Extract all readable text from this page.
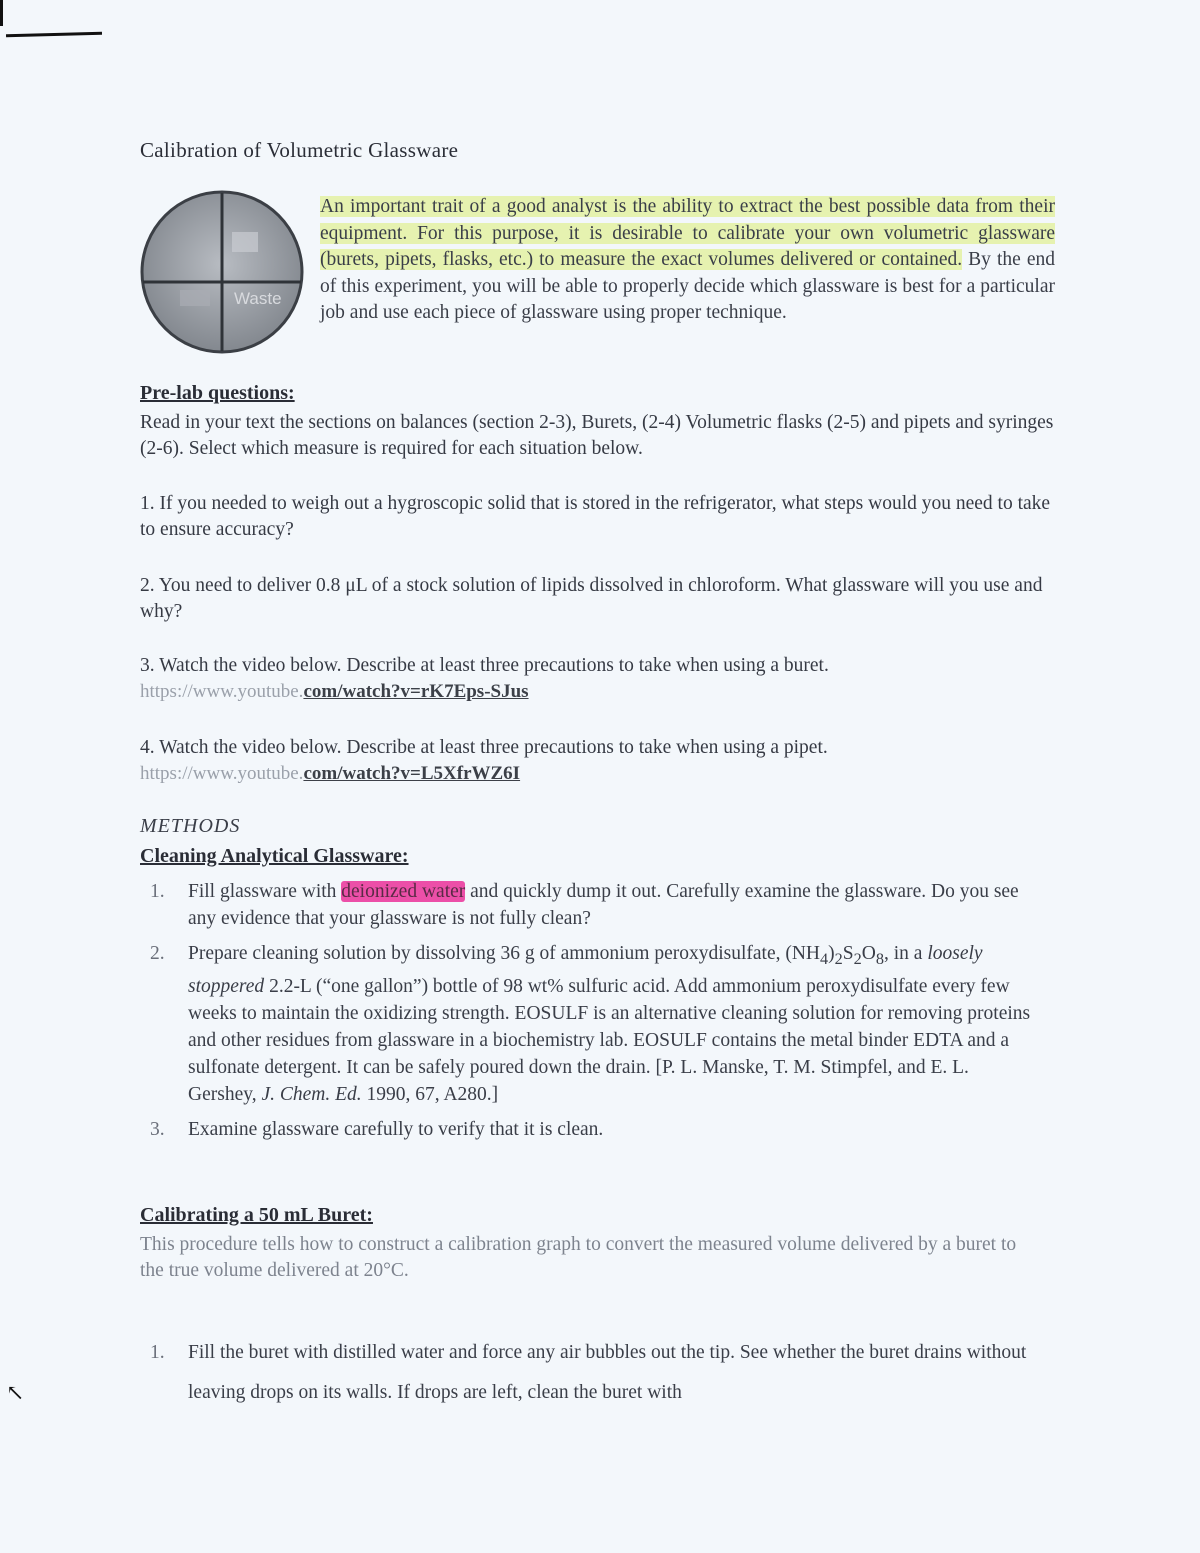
↖
Calibration of Volumetric Glassware
Waste
An important trait of a good analyst is the ability to extract the best possible data from their equipment. For this purpose, it is desirable to calibrate your own volumetric glassware (burets, pipets, flasks, etc.) to measure the exact volumes delivered or contained. By the end of this experiment, you will be able to properly decide which glassware is best for a particular job and use each piece of glassware using proper technique.
Pre-lab questions:
Read in your text the sections on balances (section 2-3), Burets, (2-4) Volumetric flasks (2-5) and pipets and syringes (2-6). Select which measure is required for each situation below.
1. If you needed to weigh out a hygroscopic solid that is stored in the refrigerator, what steps would you need to take to ensure accuracy?
2. You need to deliver 0.8 μL of a stock solution of lipids dissolved in chloroform. What glassware will you use and why?
3. Watch the video below. Describe at least three precautions to take when using a buret.
https://www.youtube.com/watch?v=rK7Eps-SJus
4. Watch the video below. Describe at least three precautions to take when using a pipet.
https://www.youtube.com/watch?v=L5XfrWZ6I
METHODS
Cleaning Analytical Glassware:
1.	Fill glassware with deionized water and quickly dump it out. Carefully examine the glassware. Do you see any evidence that your glassware is not fully clean?
2.	Prepare cleaning solution by dissolving 36 g of ammonium peroxydisulfate, $(NH_4)_2S_2O_8$, in a loosely stoppered 2.2-L (“one gallon”) bottle of 98 wt% sulfuric acid. Add ammonium peroxydisulfate every few weeks to maintain the oxidizing strength. EOSULF is an alternative cleaning solution for removing proteins and other residues from glassware in a biochemistry lab. EOSULF contains the metal binder EDTA and a sulfonate detergent. It can be safely poured down the drain. [P. L. Manske, T. M. Stimpfel, and E. L. Gershey, J. Chem. Ed. 1990, 67, A280.]
3.	Examine glassware carefully to verify that it is clean.
Calibrating a 50 mL Buret:
This procedure tells how to construct a calibration graph to convert the measured volume delivered by a buret to the true volume delivered at 20°C.
1.	Fill the buret with distilled water and force any air bubbles out the tip. See whether the buret drains without leaving drops on its walls. If drops are left, clean the buret with
